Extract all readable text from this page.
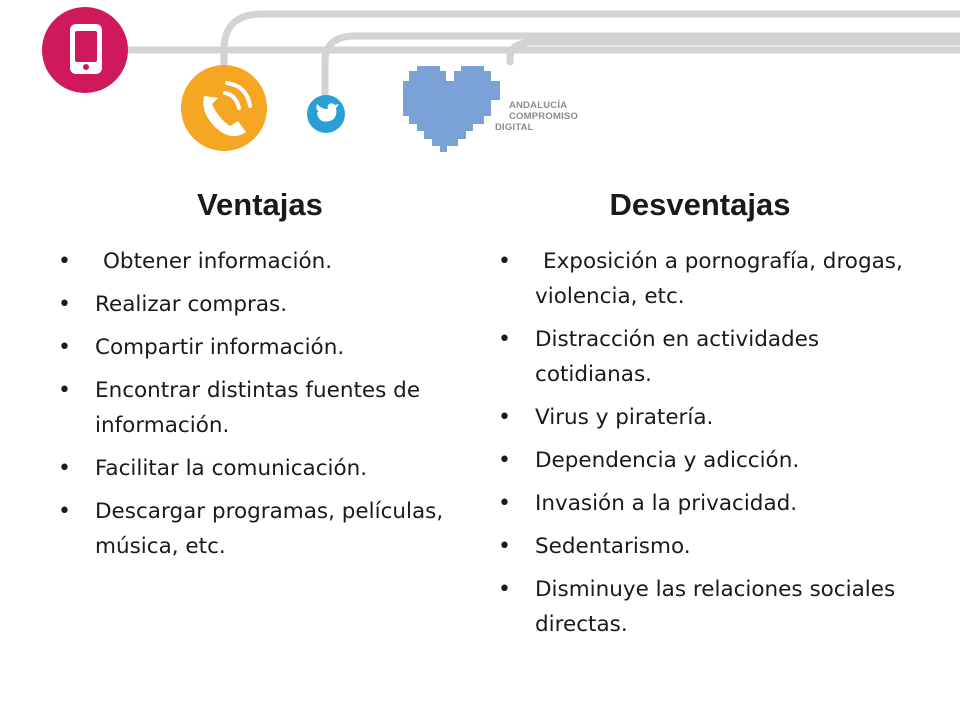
ANDALUCÍA
COMPROMISO
DIGITAL
Ventajas
• Obtener información.
• Realizar compras.
• Compartir información.
• Encontrar distintas fuentes de información.
• Facilitar la comunicación.
• Descargar programas, películas, música, etc.
Desventajas
• Exposición a pornografía, drogas, violencia, etc.
• Distracción en actividades cotidianas.
• Virus y piratería.
• Dependencia y adicción.
• Invasión a la privacidad.
• Sedentarismo.
• Disminuye las relaciones sociales directas.
